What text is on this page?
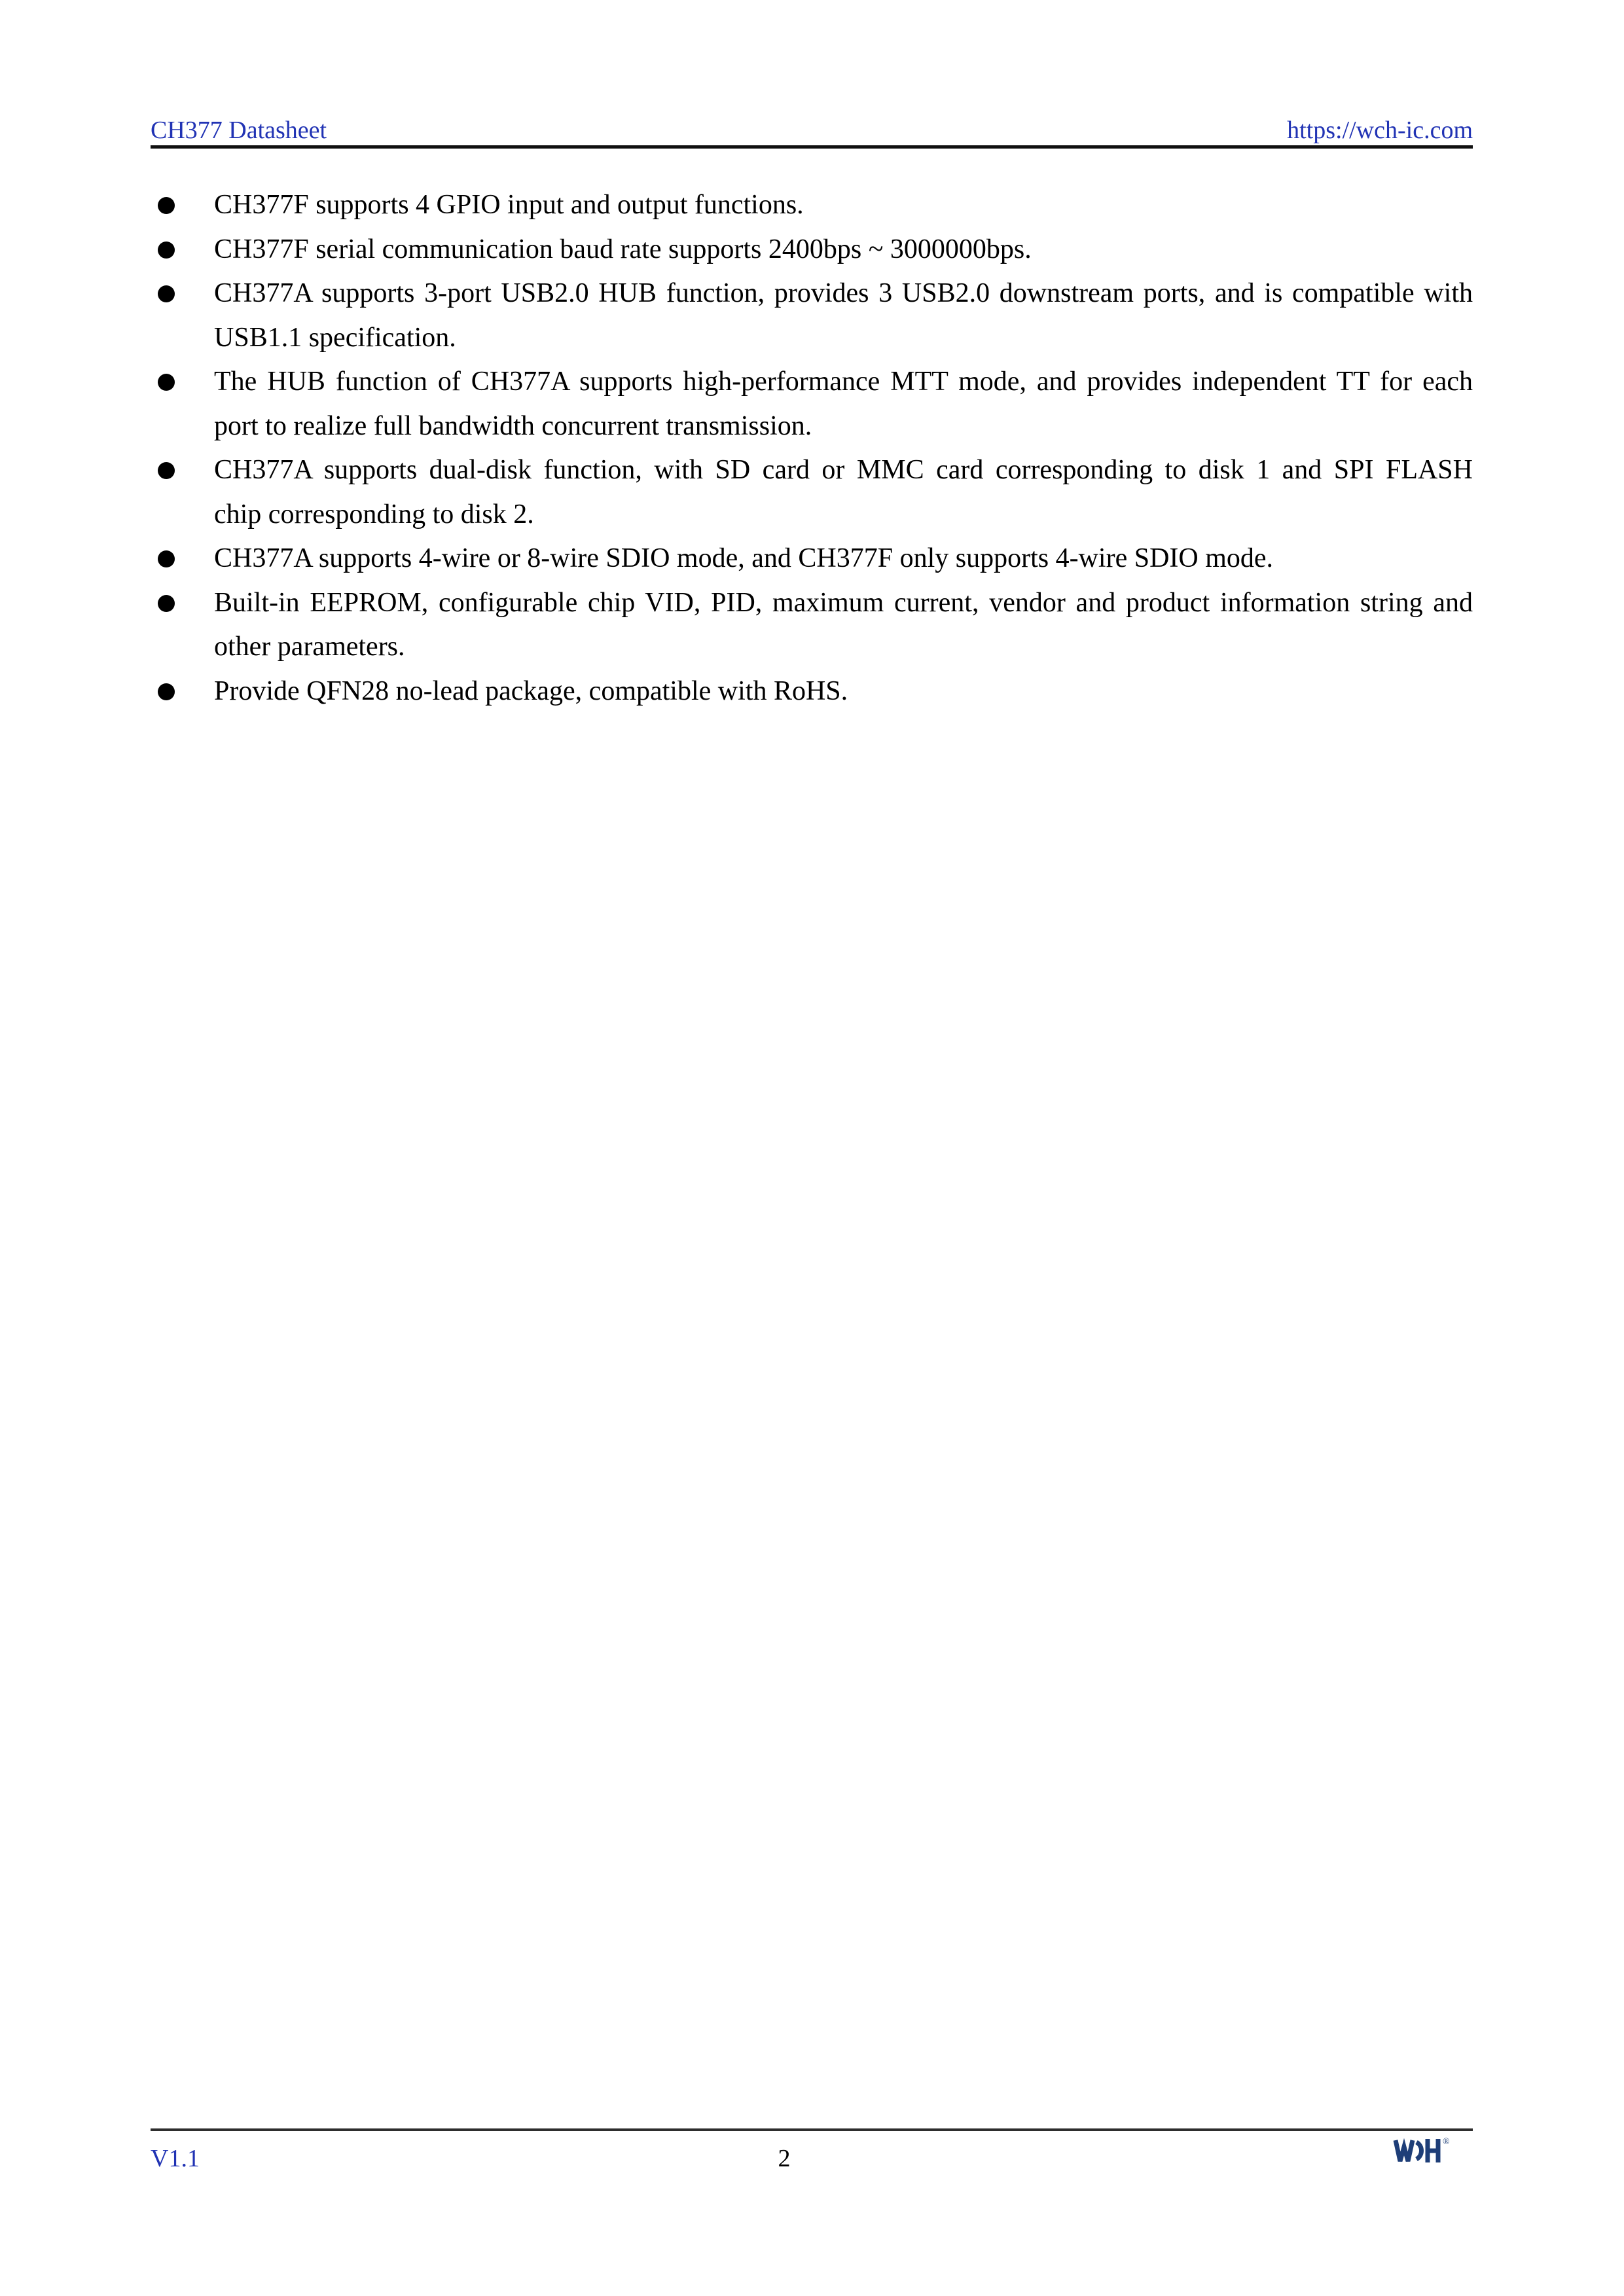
CH377 Datasheet	https://wch-ic.com
CH377F supports 4 GPIO input and output functions.
CH377F serial communication baud rate supports 2400bps ~ 3000000bps.
CH377A supports 3-port USB2.0 HUB function, provides 3 USB2.0 downstream ports, and is compatible with
USB1.1 specification.
The HUB function of CH377A supports high-performance MTT mode, and provides independent TT for each
port to realize full bandwidth concurrent transmission.
CH377A supports dual-disk function, with SD card or MMC card corresponding to disk 1 and SPI FLASH
chip corresponding to disk 2.
CH377A supports 4-wire or 8-wire SDIO mode, and CH377F only supports 4-wire SDIO mode.
Built-in EEPROM, configurable chip VID, PID, maximum current, vendor and product information string and
other parameters.
Provide QFN28 no-lead package, compatible with RoHS.
V1.1	2
®
